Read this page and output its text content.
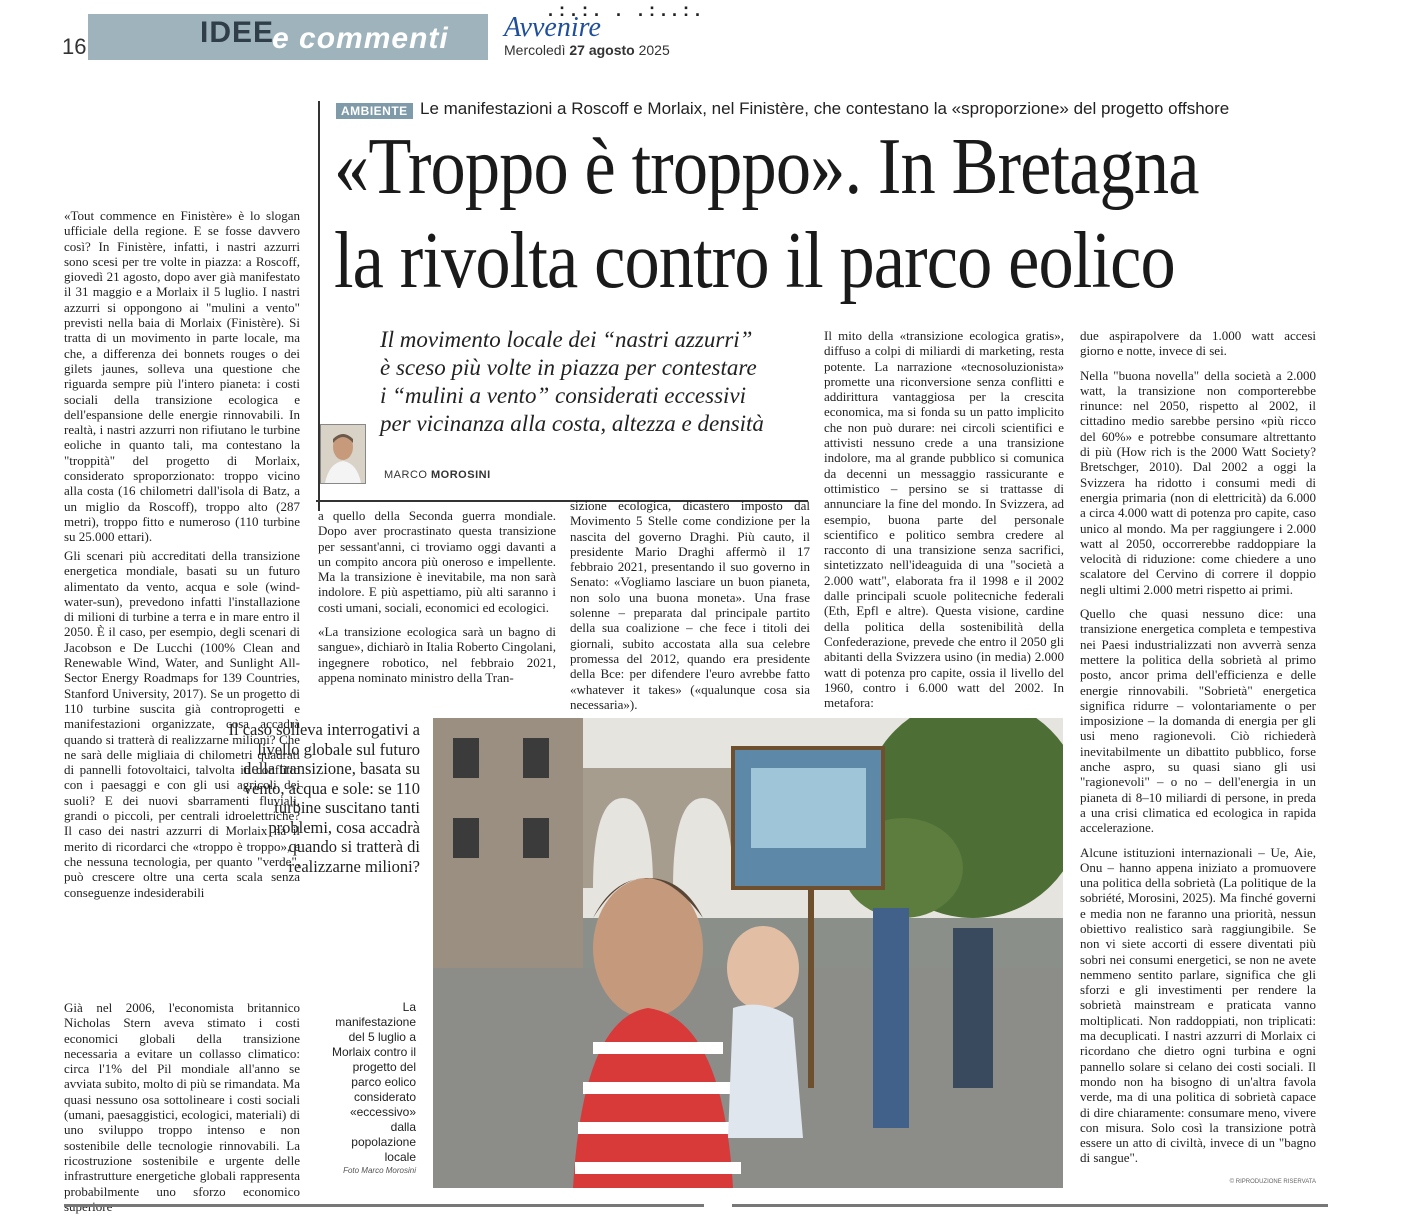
.:.:. . .:..:.
16	IDEE
e commenti Avvenire
Mercoledì 27 agosto 2025
AMBIENTE Le manifestazioni a Roscoff e Morlaix, nel Finistère, che contestano la «sproporzione» del progetto offshore
«Troppo è troppo». In Bretagna
la rivolta contro il parco eolico

«Tout commence en Finistère» è lo slogan ufficiale della regione. E se fosse davvero così? In Finistère, infatti, i nastri azzurri sono scesi per tre volte in piazza: a Roscoff, giovedì 21 agosto, dopo aver già manifestato il 31 maggio e a Morlaix il 5 luglio. I nastri azzurri si oppongono ai "mulini a vento" previsti nella baia di Morlaix (Finistère). Si tratta di un movimento in parte locale, ma che, a differenza dei bonnets rouges o dei gilets jaunes, solleva una questione che riguarda sempre più l'intero pianeta: i costi sociali della transizione ecologica e dell'espansione delle energie rinnovabili. In realtà, i nastri azzurri non rifiutano le turbine eoliche in quanto tali, ma contestano la "troppità" del progetto di Morlaix, considerato sproporzionato: troppo vicino alla costa (16 chilometri dall'isola di Batz, a un miglio da Roscoff), troppo alto (287 metri), troppo fitto e numeroso (110 turbine su 25.000 ettari).

Gli scenari più accreditati della transizione energetica mondiale, basati su un futuro alimentato da vento, acqua e sole (wind-water-sun), prevedono infatti l'installazione di milioni di turbine a terra e in mare entro il 2050. È il caso, per esempio, degli scenari di Jacobson e De Lucchi (100% Clean and Renewable Wind, Water, and Sunlight All-Sector Energy Roadmaps for 139 Countries, Stanford University, 2017). Se un progetto di 110 turbine suscita già controprogetti e manifestazioni organizzate, cosa accadrà quando si tratterà di realizzarne milioni? Che ne sarà delle migliaia di chilometri quadrati di pannelli fotovoltaici, talvolta in conflitto con i paesaggi e con gli usi agricoli dei suoli? E dei nuovi sbarramenti fluviali, grandi o piccoli, per centrali idroelettriche? Il caso dei nastri azzurri di Morlaix ha il merito di ricordarci che «troppo è troppo», e che nessuna tecnologia, per quanto "verde", può crescere oltre una certa scala senza conseguenze indesiderabili

Già nel 2006, l'economista britannico Nicholas Stern aveva stimato i costi economici globali della transizione necessaria a evitare un collasso climatico: circa l'1% del Pil mondiale all'anno se avviata subito, molto di più se rimandata. Ma quasi nessuno osa sottolineare i costi sociali (umani, paesaggistici, ecologici, materiali) di uno sviluppo troppo intenso e non sostenibile delle tecnologie rinnovabili. La ricostruzione sostenibile e urgente delle infrastrutture energetiche globali rappresenta probabilmente uno sforzo economico

Il movimento locale dei “nastri azzurri”
è sceso più volte in piazza per contestare
i “mulini a vento” considerati eccessivi
per vicinanza alla costa, altezza e densità
MARCO MOROSINI

a quello della Seconda guerra mondiale. Dopo aver procrastinato questa transizione per sessant'anni, ci troviamo oggi davanti a un compito ancora più oneroso e impellente. Ma la transizione è inevitabile, ma non sarà indolore. E più aspettiamo, più alti saranno i costi umani, sociali, economici ed ecologici.

«La transizione ecologica sarà un bagno di sangue», dichiarò in Italia Roberto Cingolani, ingegnere robotico, nel febbraio 2021, appena nominato ministro della Tran-

sizione ecologica, dicastero imposto dal Movimento 5 Stelle come condizione per la nascita del governo Draghi. Più cauto, il presidente Mario Draghi affermò il 17 febbraio 2021, presentando il suo governo in Senato: «Vogliamo lasciare un buon pianeta, non solo una buona moneta». Una frase solenne – preparata dal principale partito della sua coalizione – che fece i titoli dei giornali, subito accostata alla sua celebre promessa del 2012, quando era presidente della Bce: per difendere l'euro avrebbe fatto «whatever it takes» («qualunque cosa sia necessaria»).

Il mito della «transizione ecologica gratis», diffuso a colpi di miliardi di marketing, resta potente. La narrazione «tecnosoluzionista» promette una riconversione senza conflitti e addirittura vantaggiosa per la crescita economica, ma si fonda su un patto implicito che non può durare: nei circoli scientifici e attivisti nessuno crede a una transizione indolore, ma al grande pubblico si comunica da decenni un messaggio rassicurante e ottimistico – persino se si trattasse di annunciare la fine del mondo. In Svizzera, ad esempio, buona parte del personale scientifico e politico sembra credere al racconto di una transizione senza sacrifici, sintetizzato nell'ideaguida di una "società a 2.000 watt", elaborata fra il 1998 e il 2002 dalle principali scuole politecniche federali (Eth, Epfl e altre). Questa visione, cardine della politica della sostenibilità della Confederazione, prevede che entro il 2050 gli abitanti della Svizzera usino (in media) 2.000 watt di potenza pro capite, ossia il livello del 1960, contro i 6.000 watt del 2002. In metafora:

due aspirapolvere da 1.000 watt accesi giorno e notte, invece di sei.

Nella "buona novella" della società a 2.000 watt, la transizione non comporterebbe rinunce: nel 2050, rispetto al 2002, il cittadino medio sarebbe persino «più ricco del 60%» e potrebbe consumare altrettanto di più (How rich is the 2000 Watt Society? Bretschger, 2010). Dal 2002 a oggi la Svizzera ha ridotto i consumi medi di energia primaria (non di elettricità) da 6.000 a circa 4.000 watt di potenza pro capite, caso unico al mondo. Ma per raggiungere i 2.000 watt al 2050, occorrerebbe raddoppiare la velocità di riduzione: come chiedere a uno scalatore del Cervino di correre il doppio negli ultimi 2.000 metri rispetto ai primi.

Quello che quasi nessuno dice: una transizione energetica completa e tempestiva nei Paesi industrializzati non avverrà senza mettere la politica della sobrietà al primo posto, ancor prima dell'efficienza e delle energie rinnovabili. "Sobrietà" energetica significa ridurre – volontariamente o per imposizione – la domanda di energia per gli usi meno ragionevoli. Ciò richiederà inevitabilmente un dibattito pubblico, forse anche aspro, su quasi siano gli usi "ragionevoli" – o no – dell'energia in un pianeta di 8–10 miliardi di persone, in preda a una crisi climatica ed ecologica in rapida accelerazione.

Alcune istituzioni internazionali – Ue, Aie, Onu – hanno appena iniziato a promuovere una politica della sobrietà (La politique de la sobriété, Morosini, 2025). Ma finché governi e media non ne faranno una priorità, nessun obiettivo realistico sarà raggiungibile. Se non vi siete accorti di essere diventati più sobri nei consumi energetici, se non ne avete nemmeno sentito parlare, significa che gli sforzi e gli investimenti per rendere la sobrietà mainstream e praticata vanno moltiplicati. Non raddoppiati, non triplicati: ma decuplicati. I nastri azzurri di Morlaix ci ricordano che dietro ogni turbina e ogni pannello solare si celano dei costi sociali. Il mondo non ha bisogno di un'altra favola verde, ma di una politica di sobrietà capace di dire chiaramente: consumare meno, vivere con misura. Solo così la transizione potrà essere un atto di civiltà, invece di un "bagno di sangue".

© RIPRODUZIONE RISERVATA
Il caso solleva interrogativi a livello globale sul futuro della transizione, basata su vento, acqua e sole: se 110 turbine suscitano tanti problemi, cosa accadrà quando si tratterà di realizzarne milioni?
La manifestazione del 5 luglio a Morlaix contro il progetto del parco eolico considerato «eccessivo» dalla popolazione locale
Foto Marco Morosini
